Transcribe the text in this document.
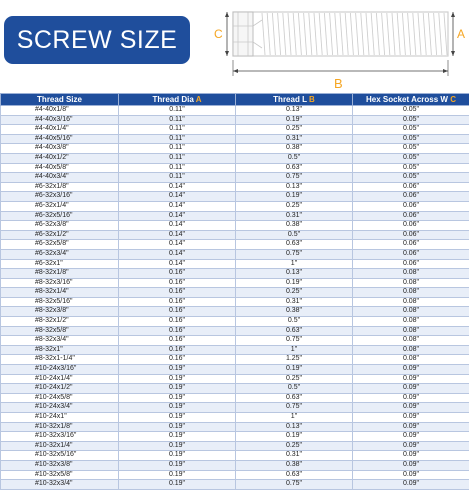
SCREW SIZE	C	A
B
Thread Size	Thread Dia A	Thread L B	Hex Socket Across W C
#4-40x1/8"	0.11"	0.13"	0.05"
#4-40x3/16"	0.11"	0.19"	0.05"
#4-40x1/4"	0.11"	0.25"	0.05"
#4-40x5/16"	0.11"	0.31"	0.05"
#4-40x3/8"	0.11"	0.38"	0.05"
#4-40x1/2"	0.11"	0.5"	0.05"
#4-40x5/8"	0.11"	0.63"	0.05"
#4-40x3/4"	0.11"	0.75"	0.05"
#6-32x1/8"	0.14"	0.13"	0.06"
#6-32x3/16"	0.14"	0.19"	0.06"
#6-32x1/4"	0.14"	0.25"	0.06"
#6-32x5/16"	0.14"	0.31"	0.06"
#6-32x3/8"	0.14"	0.38"	0.06"
#6-32x1/2"	0.14"	0.5"	0.06"
#6-32x5/8"	0.14"	0.63"	0.06"
#6-32x3/4"	0.14"	0.75"	0.06"
#6-32x1"	0.14"	1"	0.06"
#8-32x1/8"	0.16"	0.13"	0.08"
#8-32x3/16"	0.16"	0.19"	0.08"
#8-32x1/4"	0.16"	0.25"	0.08"
#8-32x5/16"	0.16"	0.31"	0.08"
#8-32x3/8"	0.16"	0.38"	0.08"
#8-32x1/2"	0.16"	0.5"	0.08"
#8-32x5/8"	0.16"	0.63"	0.08"
#8-32x3/4"	0.16"	0.75"	0.08"
#8-32x1"	0.16"	1"	0.08"
#8-32x1-1/4"	0.16"	1.25"	0.08"
#10-24x3/16"	0.19"	0.19"	0.09"
#10-24x1/4"	0.19"	0.25"	0.09"
#10-24x1/2"	0.19"	0.5"	0.09"
#10-24x5/8"	0.19"	0.63"	0.09"
#10-24x3/4"	0.19"	0.75"	0.09"
#10-24x1"	0.19"	1"	0.09"
#10-32x1/8"	0.19"	0.13"	0.09"
#10-32x3/16"	0.19"	0.19"	0.09"
#10-32x1/4"	0.19"	0.25"	0.09"
#10-32x5/16"	0.19"	0.31"	0.09"
#10-32x3/8"	0.19"	0.38"	0.09"
#10-32x5/8"	0.19"	0.63"	0.09"
#10-32x3/4"	0.19"	0.75"	0.09"
